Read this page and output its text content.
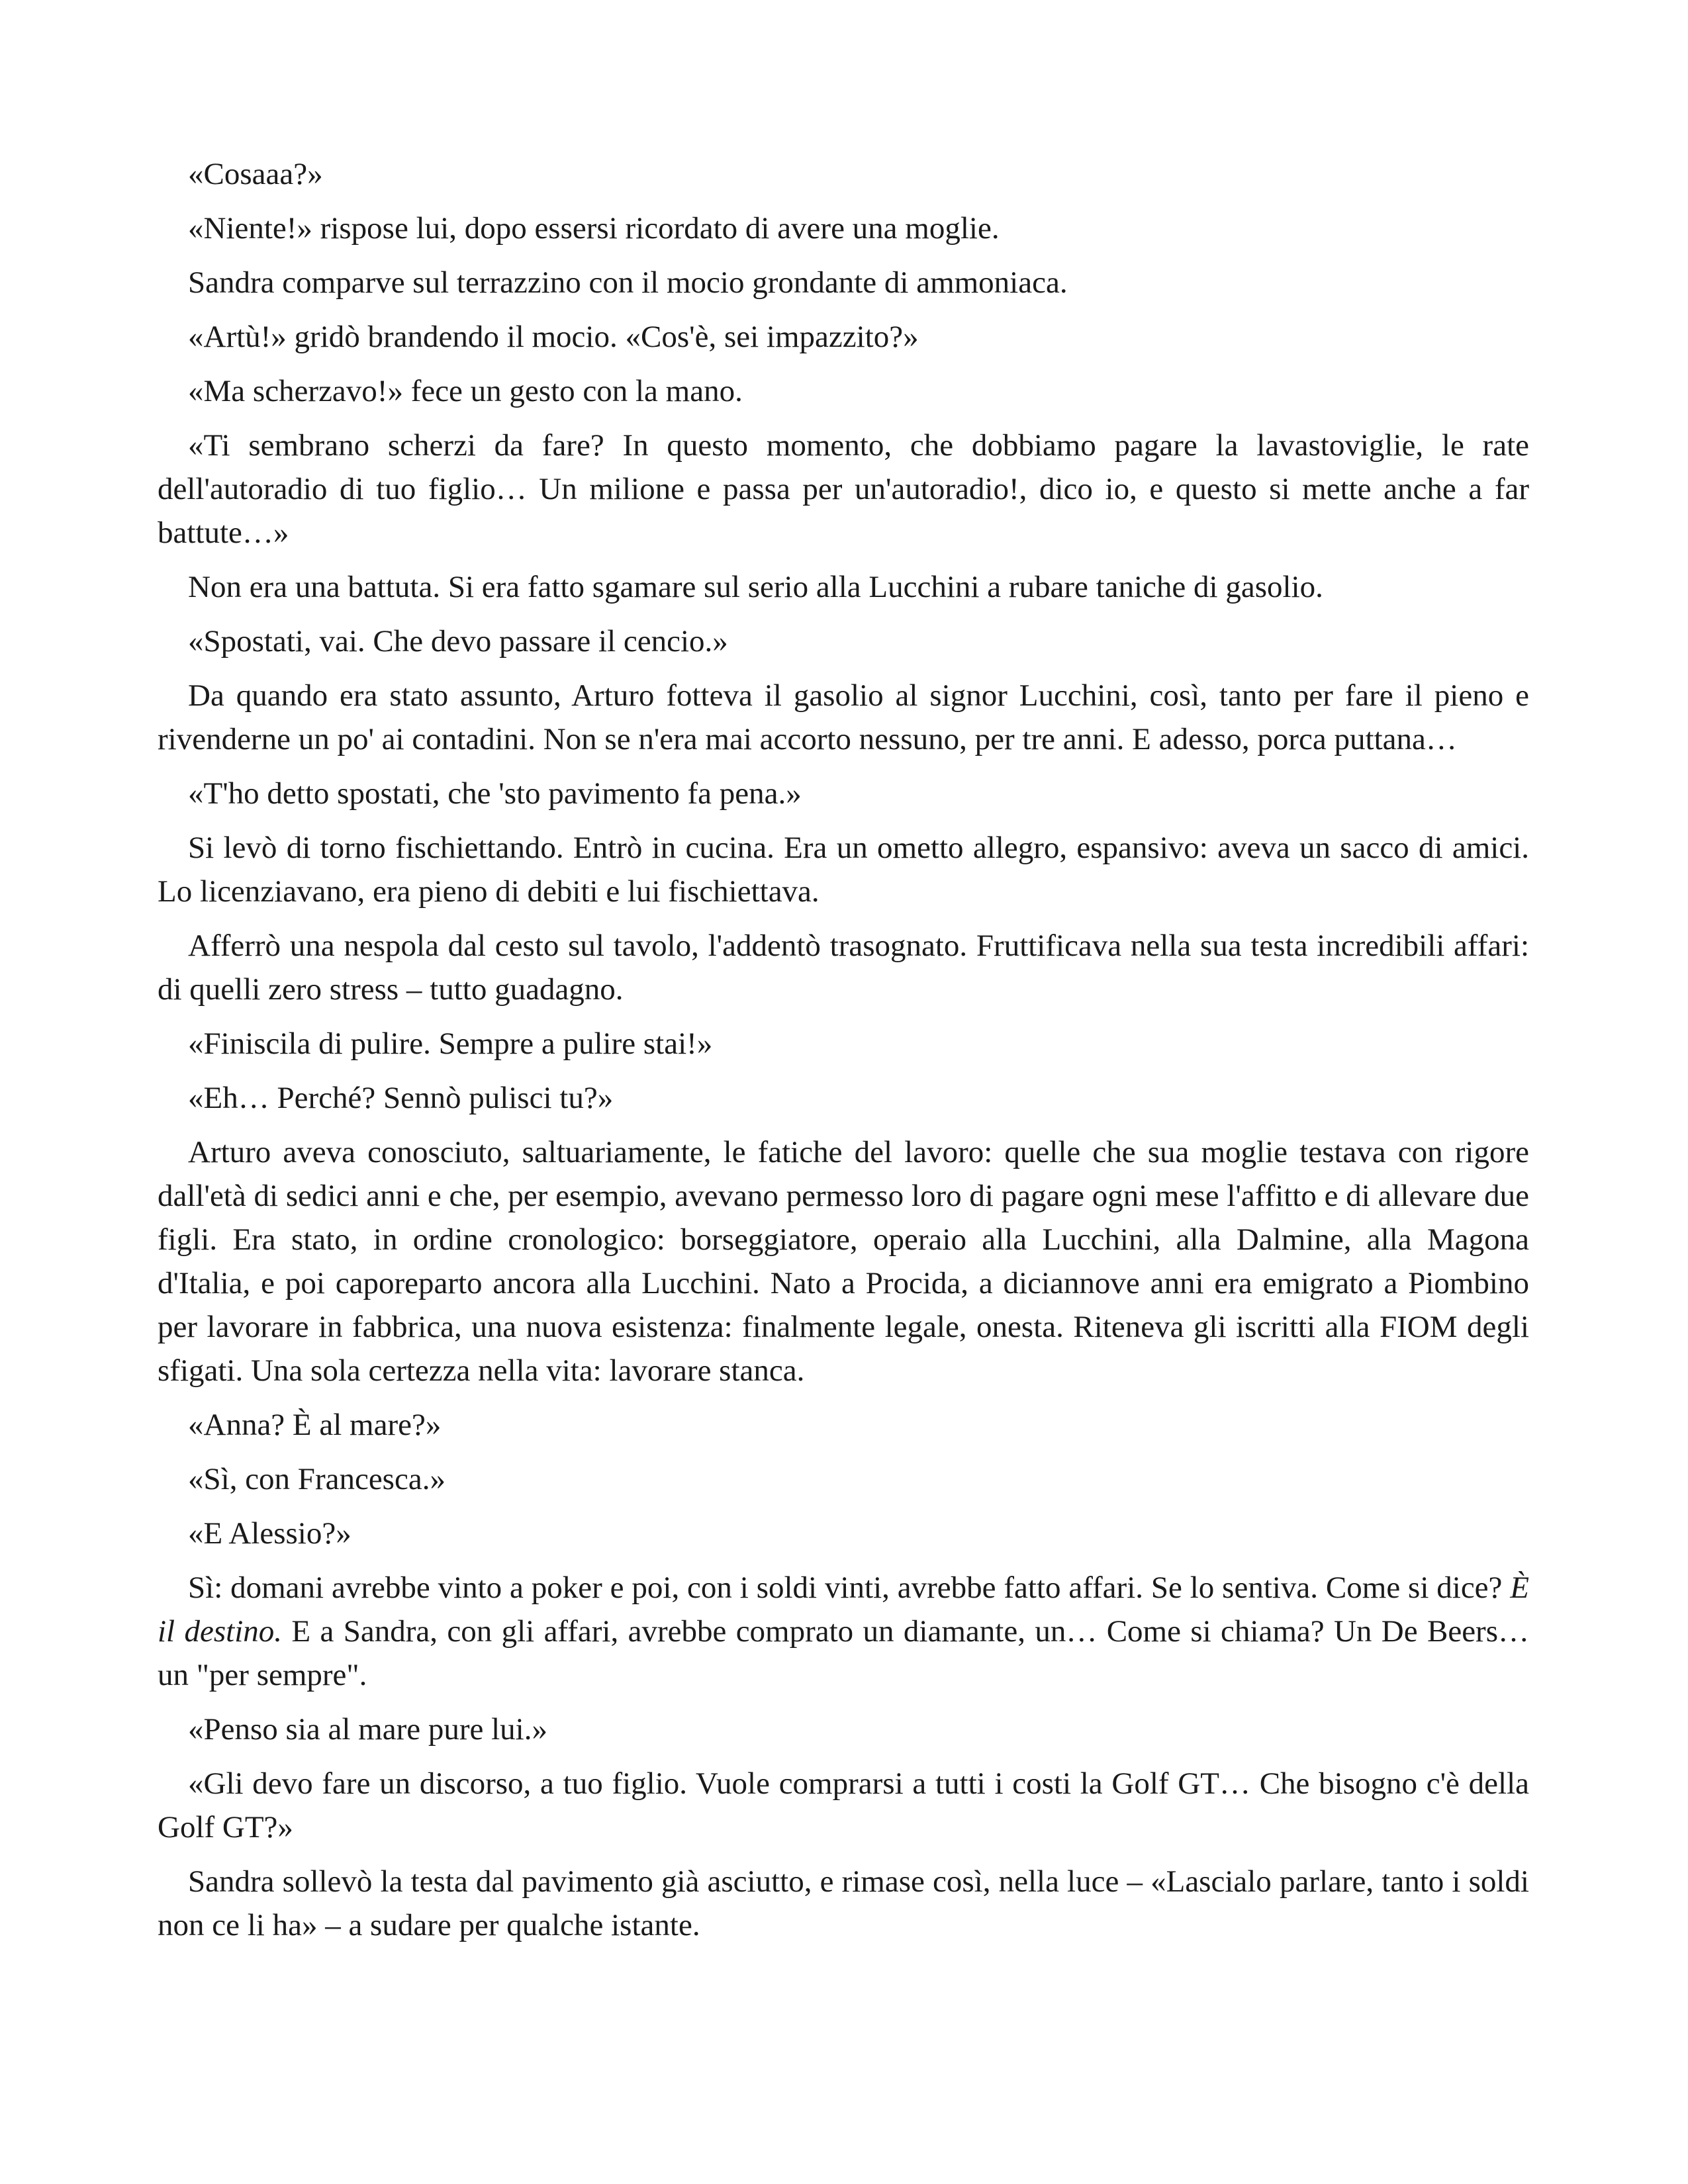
«Cosaaa?»

«Niente!» rispose lui, dopo essersi ricordato di avere una moglie.

Sandra comparve sul terrazzino con il mocio grondante di ammoniaca.

«Artù!» gridò brandendo il mocio. «Cos'è, sei impazzito?»

«Ma scherzavo!» fece un gesto con la mano.

«Ti sembrano scherzi da fare? In questo momento, che dobbiamo pagare la lavastoviglie, le rate dell'autoradio di tuo figlio… Un milione e passa per un'autoradio!, dico io, e questo si mette anche a far battute…»

Non era una battuta. Si era fatto sgamare sul serio alla Lucchini a rubare taniche di gasolio.

«Spostati, vai. Che devo passare il cencio.»

Da quando era stato assunto, Arturo fotteva il gasolio al signor Lucchini, così, tanto per fare il pieno e rivenderne un po' ai contadini. Non se n'era mai accorto nessuno, per tre anni. E adesso, porca puttana…

«T'ho detto spostati, che 'sto pavimento fa pena.»

Si levò di torno fischiettando. Entrò in cucina. Era un ometto allegro, espansivo: aveva un sacco di amici. Lo licenziavano, era pieno di debiti e lui fischiettava.

Afferrò una nespola dal cesto sul tavolo, l'addentò trasognato. Fruttificava nella sua testa incredibili affari: di quelli zero stress – tutto guadagno.

«Finiscila di pulire. Sempre a pulire stai!»

«Eh… Perché? Sennò pulisci tu?»

Arturo aveva conosciuto, saltuariamente, le fatiche del lavoro: quelle che sua moglie testava con rigore dall'età di sedici anni e che, per esempio, avevano permesso loro di pagare ogni mese l'affitto e di allevare due figli. Era stato, in ordine cronologico: borseggiatore, operaio alla Lucchini, alla Dalmine, alla Magona d'Italia, e poi caporeparto ancora alla Lucchini. Nato a Procida, a diciannove anni era emigrato a Piombino per lavorare in fabbrica, una nuova esistenza: finalmente legale, onesta. Riteneva gli iscritti alla FIOM degli sfigati. Una sola certezza nella vita: lavorare stanca.

«Anna? È al mare?»

«Sì, con Francesca.»

«E Alessio?»

Sì: domani avrebbe vinto a poker e poi, con i soldi vinti, avrebbe fatto affari. Se lo sentiva. Come si dice? È il destino. E a Sandra, con gli affari, avrebbe comprato un diamante, un… Come si chiama? Un De Beers… un "per sempre".

«Penso sia al mare pure lui.»

«Gli devo fare un discorso, a tuo figlio. Vuole comprarsi a tutti i costi la Golf GT… Che bisogno c'è della Golf GT?»

Sandra sollevò la testa dal pavimento già asciutto, e rimase così, nella luce – «Lascialo parlare, tanto i soldi non ce li ha» – a sudare per qualche istante.
